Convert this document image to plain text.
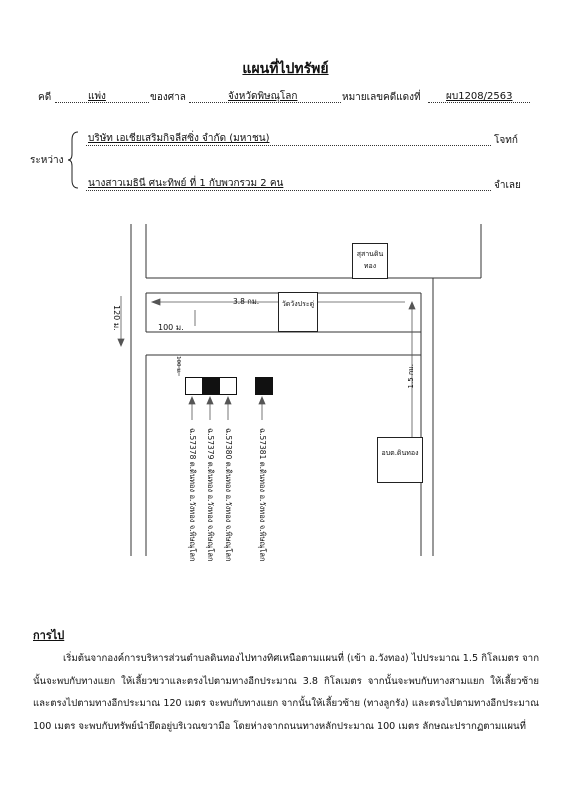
แผนที่ไปทรัพย์
คดี	แพ่ง	ของศาล	จังหวัดพิษณุโลก	หมายเลขคดีแดงที่	ผบ1208/2563
ระหว่าง
บริษัท เอเชียเสริมกิจลีสซิ่ง จำกัด (มหาชน)	โจทก์
นางสาวเมธินี ศนะทิพย์ ที่ 1 กับพวกรวม 2 คน	จำเลย
สุสานดินทอง
วัดวังประดู่
อบต.ดินทอง
3.8 กม.
120 ม.	100 ม.
1.5 กม.
100 ม.
ฉ.57378 ต.ดินทอง อ.วังทอง จ.พิษณุโลก ฉ.57379 ต.ดินทอง อ.วังทอง จ.พิษณุโลก ฉ.57380 ต.ดินทอง อ.วังทอง จ.พิษณุโลก	ฉ.57381 ต.ดินทอง อ.วังทอง จ.พิษณุโลก
การไป

เริ่มต้นจากองค์การบริหารส่วนตำบลดินทองไปทางทิศเหนือตามแผนที่ (เข้า อ.วังทอง) ไปประมาณ 1.5 กิโลเมตร จากนั้นจะพบกับทางแยก ให้เลี้ยวขวาและตรงไปตามทางอีกประมาณ 3.8 กิโลเมตร จากนั้นจะพบกับทางสามแยก ให้เลี้ยวซ้ายและตรงไปตามทางอีกประมาณ 120 เมตร จะพบกับทางแยก จากนั้นให้เลี้ยวซ้าย (ทางลูกรัง) และตรงไปตามทางอีกประมาณ 100 เมตร จะพบกับทรัพย์นำยึดอยู่บริเวณขวามือ โดยห่างจากถนนทางหลักประมาณ 100 เมตร ลักษณะปรากฏตามแผนที่
